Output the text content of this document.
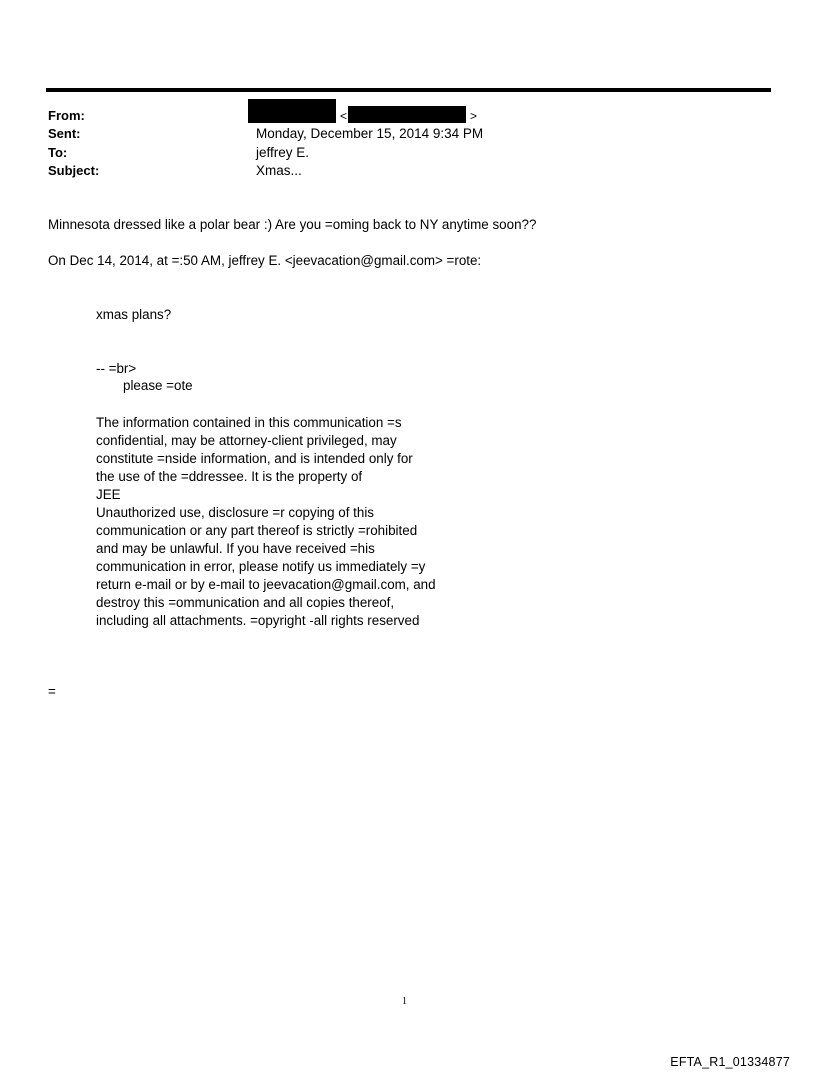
From:	<	>
Sent:	Monday, December 15, 2014 9:34 PM
To:	jeffrey E.
Subject:	Xmas...
Minnesota dressed like a polar bear :) Are you =oming back to NY anytime soon??
On Dec 14, 2014, at =:50 AM, jeffrey E. <jeevacation@gmail.com> =rote:
xmas plans?
-- =br>
please =ote
The information contained in this communication =s
confidential, may be attorney-client privileged, may
constitute =nside information, and is intended only for
the use of the =ddressee. It is the property of
JEE
Unauthorized use, disclosure =r copying of this
communication or any part thereof is strictly =rohibited
and may be unlawful. If you have received =his
communication in error, please notify us immediately =y
return e-mail or by e-mail to jeevacation@gmail.com, and
destroy this =ommunication and all copies thereof,
including all attachments. =opyright -all rights reserved
=
1
EFTA_R1_01334877
